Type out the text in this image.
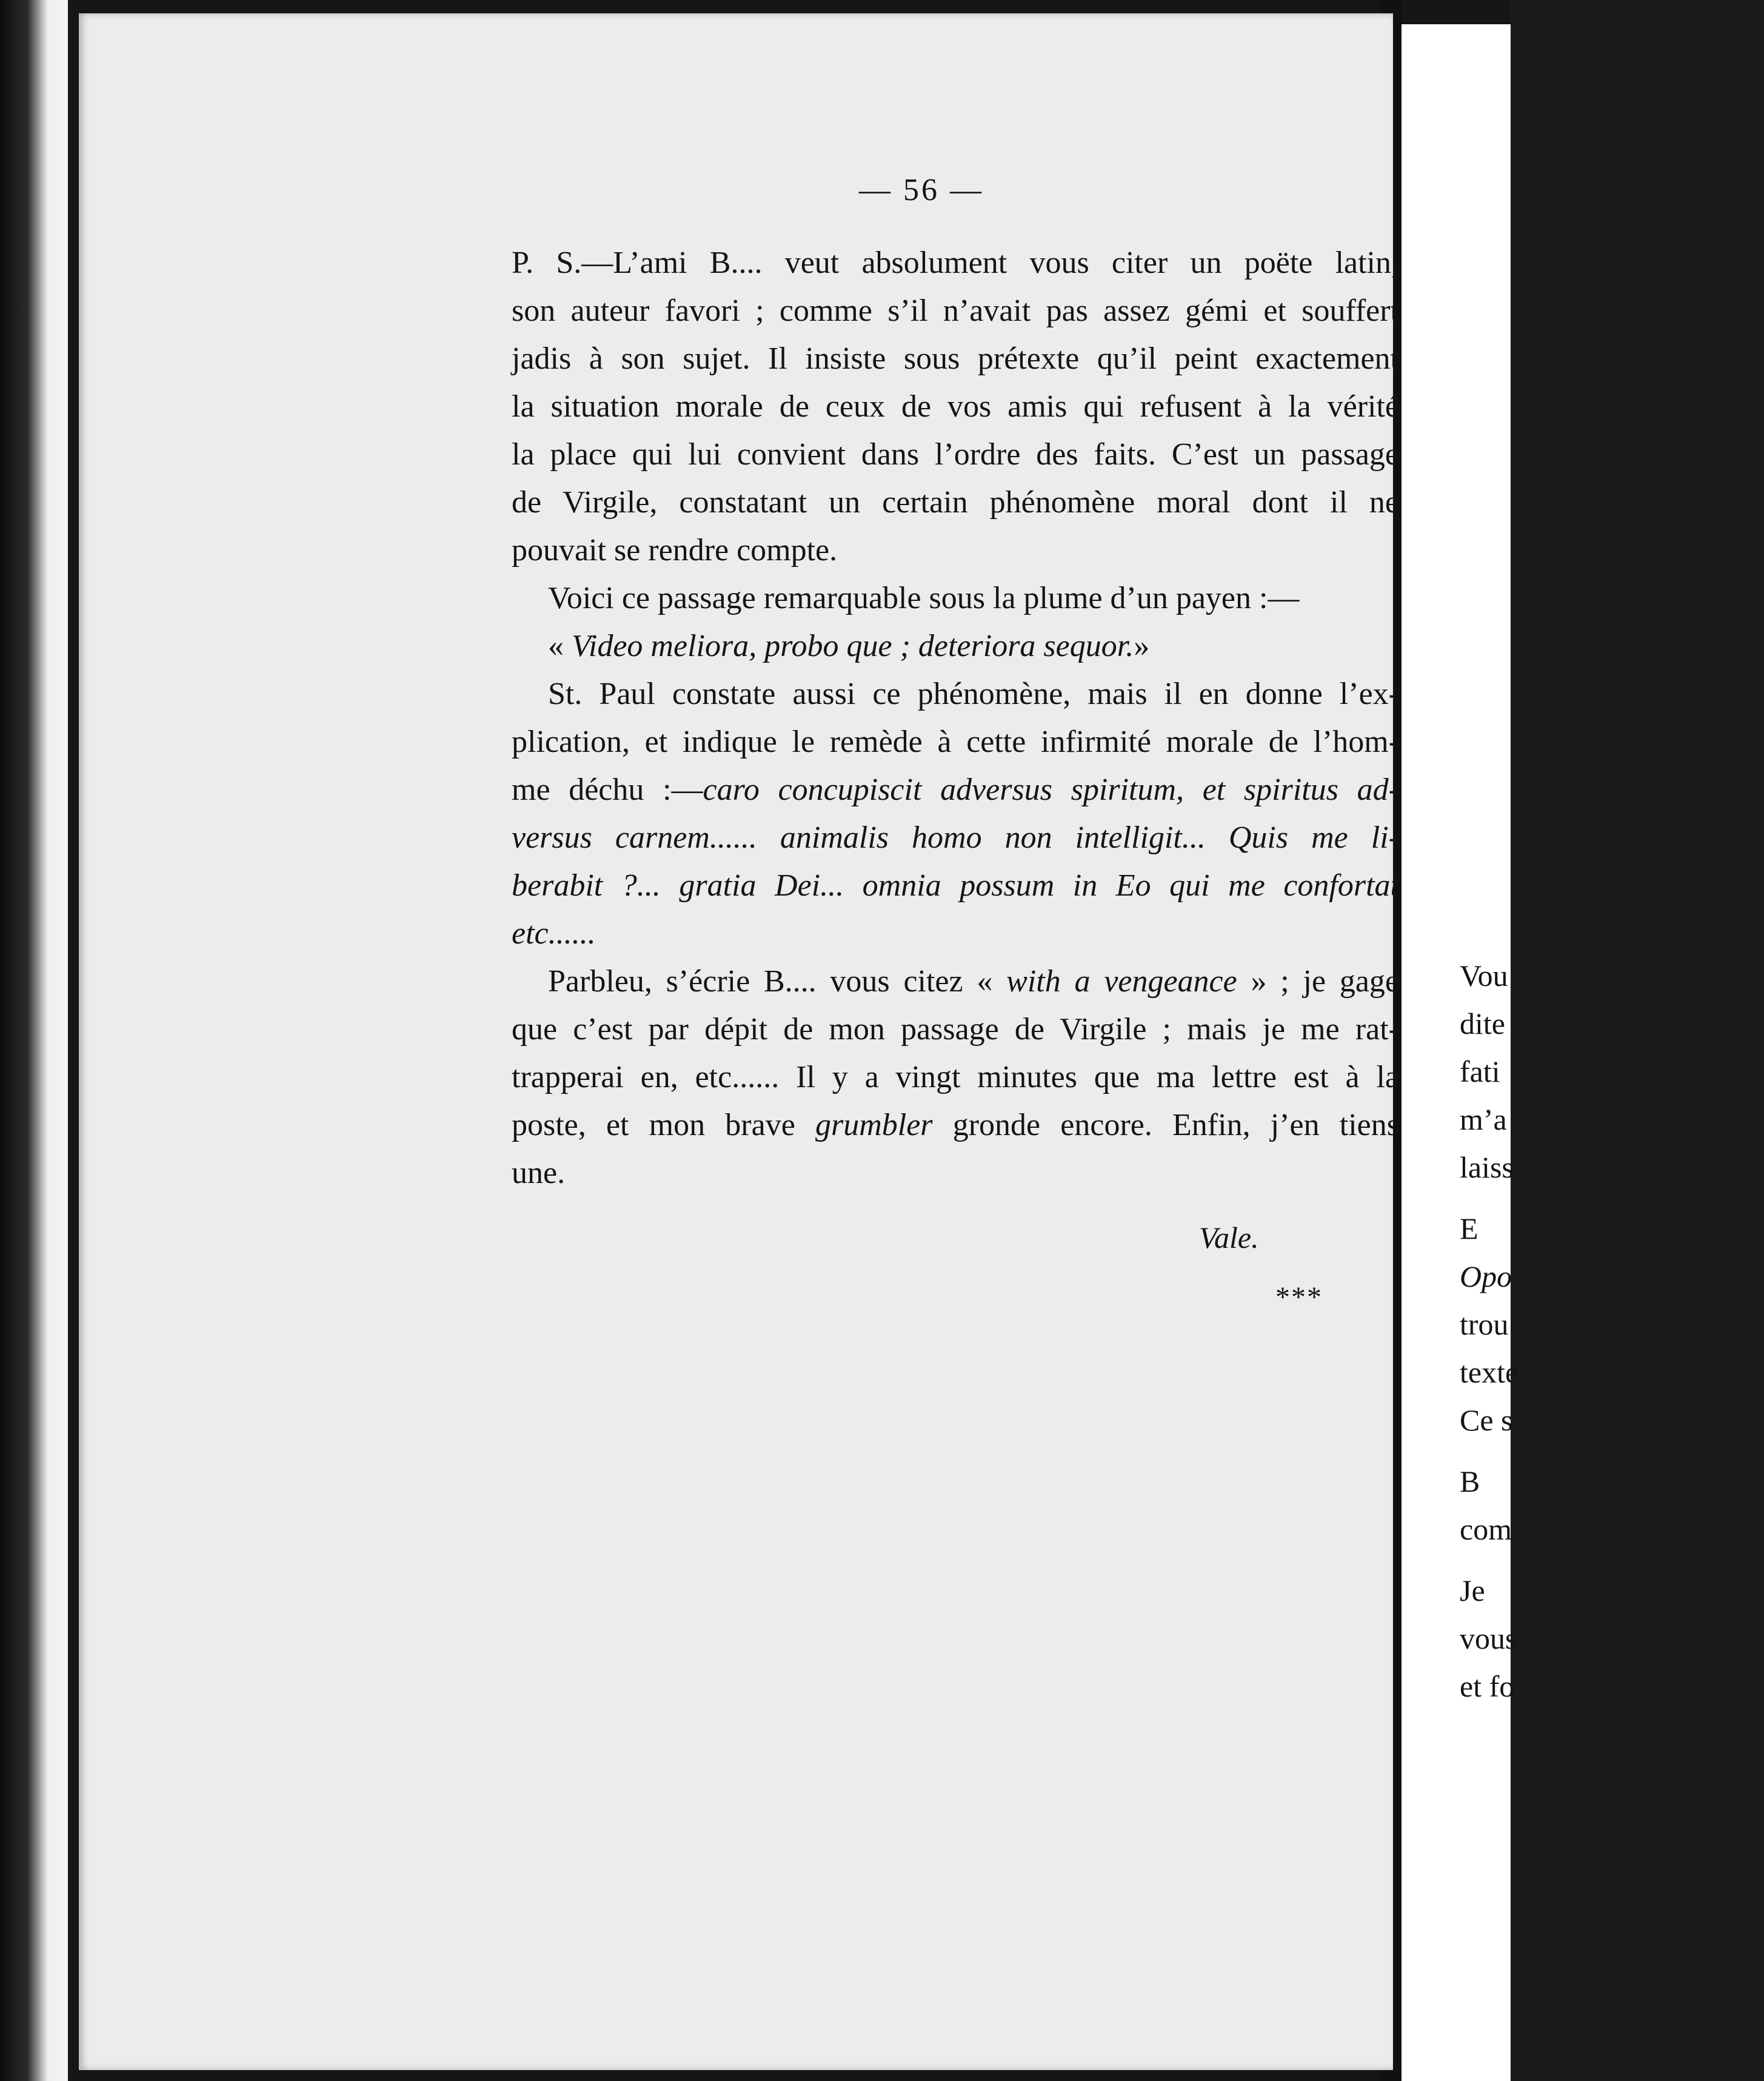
— 56 —
P. S.—L’ami B.... veut absolument vous citer un poëte latin,
son auteur favori ; comme s’il n’avait pas assez gémi et souffert
jadis à son sujet. Il insiste sous prétexte qu’il peint exactement
la situation morale de ceux de vos amis qui refusent à la vérité
la place qui lui convient dans l’ordre des faits. C’est un passage
de Virgile, constatant un certain phénomène moral dont il ne
pouvait se rendre compte.
Voici ce passage remarquable sous la plume d’un payen :—
« Video meliora, probo que ; deteriora sequor.»
St. Paul constate aussi ce phénomène, mais il en donne l’ex-
plication, et indique le remède à cette infirmité morale de l’hom-
me déchu :—caro concupiscit adversus spiritum, et spiritus ad-
versus carnem...... animalis homo non intelligit... Quis me li-
berabit ?... gratia Dei... omnia possum in Eo qui me confortat
etc......
Parbleu, s’écrie B.... vous citez « with a vengeance » ; je gage
que c’est par dépit de mon passage de Virgile ; mais je me rat-
trapperai en, etc...... Il y a vingt minutes que ma lettre est à la
poste, et mon brave grumbler gronde encore. Enfin, j’en tiens
une.
Vale.
***
Vou
dite
fati
m’a
laiss
E
Opo
trou
texte
Ce s
B
com
Je
vous
et fo
